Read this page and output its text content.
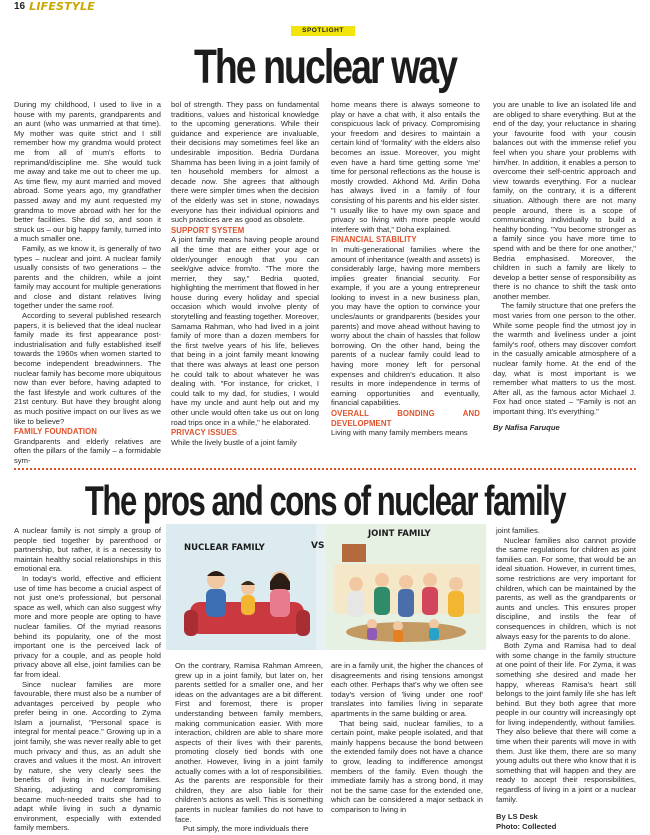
16 LIFESTYLE
SPOTLIGHT
The nuclear way

During my childhood, I used to live in a house with my parents, grandparents and an aunt (who was unmarried at that time). My mother was quite strict and I still remember how my grandma would protect me from all of mum's efforts to reprimand/discipline me. She would tuck me away and take me out to cheer me up. As time flew, my aunt married and moved abroad. Some years ago, my grandfather passed away and my aunt requested my grandma to move abroad with her for the better facilities. She did so, and soon it struck us – our big happy family, turned into a much smaller one.

Family, as we know it, is generally of two types – nuclear and joint. A nuclear family usually consists of two generations – the parents and the children, while a joint family may account for multiple generations and close and distant relatives living together under the same roof.

According to several published research papers, it is believed that the ideal nuclear family made its first appearance post-industrialisation and fully established itself towards the 1960s when women started to become independent breadwinners. The nuclear family has become more ubiquitous now than ever before, having adapted to the fast lifestyle and work cultures of the 21st century. But have they brought along as much positive impact on our lives as we like to believe?

FAMILY FOUNDATION

Grandparents and elderly relatives are often the pillars of the family – a formidable sym-

bol of strength. They pass on fundamental traditions, values and historical knowledge to the upcoming generations. While their guidance and experience are invaluable, their decisions may sometimes feel like an undesirable imposition. Bedria Durdana Shamma has been living in a joint family of ten household members for almost a decade now. She agrees that although there were simpler times when the decision of the elderly was set in stone, nowadays everyone has their individual opinions and such practices are as good as obsolete.

SUPPORT SYSTEM

A joint family means having people around all the time that are either your age or older/younger enough that you can seek/give advice from/to. "The more the merrier, they say," Bedria quoted, highlighting the merriment that flowed in her house during every holiday and special occasion which would involve plenty of storytelling and feasting together. Moreover, Samama Rahman, who had lived in a joint family of more than a dozen members for the first twelve years of his life, believes that being in a joint family meant knowing that there was always at least one person he could talk to about whatever he was dealing with. "For instance, for cricket, I could talk to my dad, for studies, I would have my uncle and aunt help out and my other uncle would often take us out on long road trips once in a while," he elaborated.

PRIVACY ISSUES

While the lively bustle of a joint family

home means there is always someone to play or have a chat with, it also entails the conspicuous lack of privacy. Compromising your freedom and desires to maintain a certain kind of 'formality' with the elders also becomes an issue. Moreover, you might even have a hard time getting some 'me' time for personal reflections as the house is mostly crowded. Akhond Md. Arifin Doha has always lived in a family of four consisting of his parents and his elder sister. "I usually like to have my own space and privacy so living with more people would interfere with that," Doha explained.

FINANCIAL STABILITY

In multi-generational families where the amount of inheritance (wealth and assets) is considerably large, having more members implies greater financial security. For example, if you are a young entrepreneur looking to invest in a new business plan, you may have the option to convince your uncles/aunts or grandparents (besides your parents) and move ahead without having to worry about the chain of hassles that follow borrowing. On the other hand, being the parents of a nuclear family could lead to having more money left for personal expenses and children's education. It also results in more independence in terms of earning opportunities and eventually, financial capabilities.

OVERALL BONDING AND DEVELOPMENT

Living with many family members means

you are unable to live an isolated life and are obliged to share everything. But at the end of the day, your reluctance in sharing your favourite food with your cousin balances out with the immense relief you feel when you share your problems with him/her. In addition, it enables a person to overcome their self-centric approach and view towards everything. For a nuclear family, on the contrary, it is a different situation. Although there are not many people around, there is a scope of communicating individually to build a healthy bonding. "You become stronger as a family since you have more time to spend with and be there for one another," Bedria emphasised. Moreover, the children in such a family are likely to develop a better sense of responsibility as there is no chance to shift the task onto another member.

The family structure that one prefers the most varies from one person to the other. While some people find the utmost joy in the warmth and liveliness under a joint family's roof, others may discover comfort in the casually amicable atmosphere of a nuclear family home. At the end of the day, what is most important is we remember what matters to us the most. After all, as the famous actor Michael J. Fox had once stated – "Family is not an important thing. It's everything."

By Nafisa Faruque

The pros and cons of nuclear family

A nuclear family is not simply a group of people tied together by parenthood or partnership, but rather, it is a necessity to maintain healthy social relationships in this emotional era.

In today's world, effective and efficient use of time has become a crucial aspect of not just one's professional, but personal space as well, which can also suggest why more and more people are opting to have nuclear families. Of the myriad reasons behind its popularity, one of the most important one is the perceived lack of privacy for a couple, and as people hold privacy above all else, joint families can be far from ideal.

Since nuclear families are more favourable, there must also be a number of advantages perceived by people who prefer being in one. According to Zyma Islam a journalist, "Personal space is integral for mental peace." Growing up in a joint family, she was never really able to get much privacy and thus, as an adult she craves and values it the most. An introvert by nature, she very clearly sees the benefits of living in nuclear families. Sharing, adjusting and compromising became much-needed traits she had to adapt while living in such a dynamic environment, especially with extended family members.

NUCLEAR FAMILY	VS
JOINT FAMILY

On the contrary, Ramisa Rahman Amreen, grew up in a joint family, but later on, her parents settled for a smaller one, and her ideas on the advantages are a bit different. First and foremost, there is proper understanding between family members, making communication easier. With more interaction, children are able to share more aspects of their lives with their parents, promoting closely tied bonds with one another. However, living in a joint family actually comes with a lot of responsibilities. As the parents are responsible for their children, they are also liable for their children's actions as well. This is something parents in nuclear families do not have to face.

Put simply, the more individuals there

are in a family unit, the higher the chances of disagreements and rising tensions amongst each other. Perhaps that's why we often see today's version of 'living under one roof' translates into families living in separate apartments in the same building or area.

That being said, nuclear families, to a certain point, make people isolated, and that mainly happens because the bond between the extended family does not have a chance to grow, leading to indifference amongst members of the family. Even though the immediate family has a strong bond, it may not be the same case for the extended one, which can be considered a major setback in comparison to living in

joint families.

Nuclear families also cannot provide the same regulations for children as joint families can. For some, that would be an ideal situation. However, in current times, some restrictions are very important for children, which can be maintained by the parents, as well as the grandparents or aunts and uncles. This ensures proper discipline, and instils the fear of consequences in children, which is not always easy for the parents to do alone.

Both Zyma and Ramisa had to deal with some change in the family structure at one point of their life. For Zyma, it was something she desired and made her happy, whereas Ramisa's heart still belongs to the joint family life she has left behind. But they both agree that more people in our country will increasingly opt for living independently, without families. They also believe that there will come a time when their parents will move in with them. Just like them, there are so many young adults out there who know that it is something that will happen and they are ready to accept their responsibilities, regardless of living in a joint or a nuclear family.

By LS Desk

Photo: Collected
